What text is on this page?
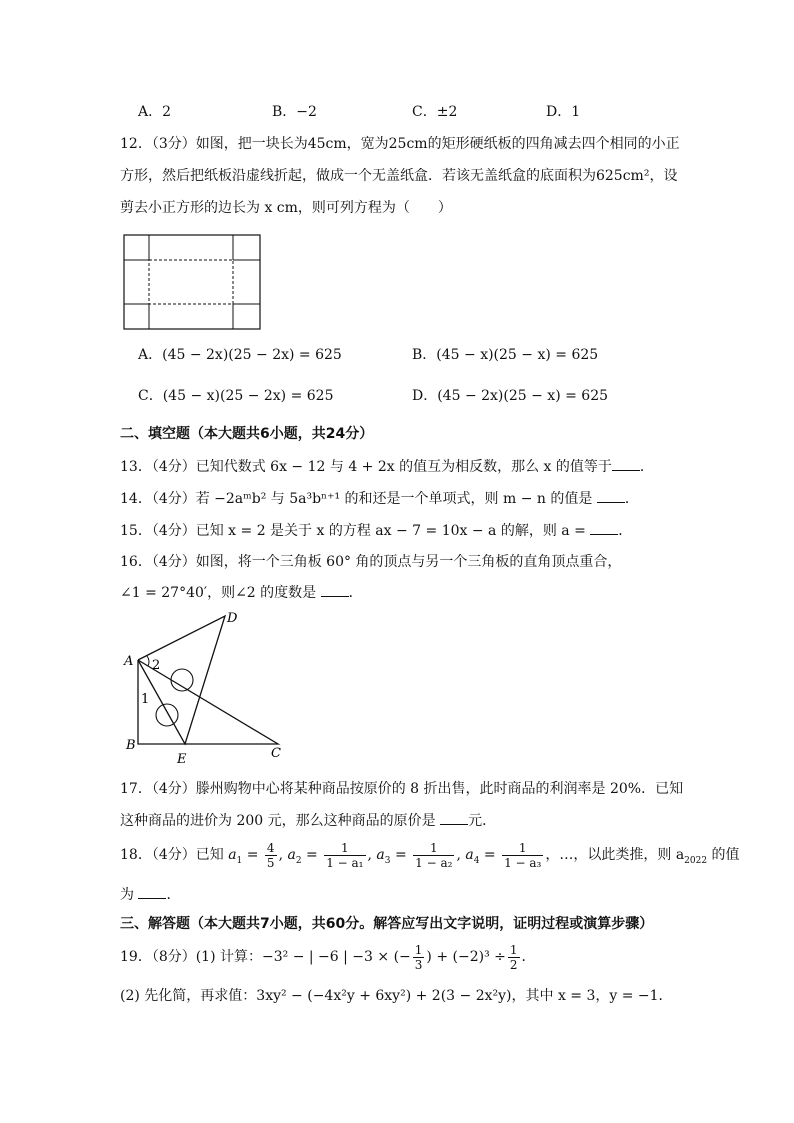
A．2	B．−2	C．±2	D．1
12．（3分）如图，把一块长为45cm，宽为25cm的矩形硬纸板的四角减去四个相同的小正
方形，然后把纸板沿虚线折起，做成一个无盖纸盒．若该无盖纸盒的底面积为625cm²，设
剪去小正方形的边长为 x cm，则可列方程为（　　）
A．(45 − 2x)(25 − 2x) = 625	B．(45 − x)(25 − x) = 625
C．(45 − x)(25 − 2x) = 625	D．(45 − 2x)(25 − x) = 625
二、填空题（本大题共6小题，共24分）
13．（4分）已知代数式 6x − 12 与 4 + 2x 的值互为相反数，那么 x 的值等于 ．
14．（4分）若 −2aᵐb² 与 5a³bⁿ⁺¹ 的和还是一个单项式，则 m − n 的值是 ．
15．（4分）已知 x = 2 是关于 x 的方程 ax − 7 = 10x − a 的解，则 a = ．
16．（4分）如图，将一个三角板 60° 角的顶点与另一个三角板的直角顶点重合，
∠1 = 27°40′，则∠2 的度数是 ．
A
B
C
D
E
1
2
17．（4分）滕州购物中心将某种商品按原价的 8 折出售，此时商品的利润率是 20%．已知
这种商品的进价为 200 元，那么这种商品的原价是 元．
18．（4分）已知 $a_1 = \frac{4}{5}$ , $a_2 = \frac{1}{\text{1 − a₁}}$ , $a_3 = \frac{1}{\text{1 − a₂}}$ , $a_4 = \frac{1}{\text{1 − a₃}}$ ，…，以此类推，则 $a_{2022}$ 的值
为 ．
三、解答题（本大题共7小题，共60分。解答应写出文字说明，证明过程或演算步骤）
19．（8分）(1) 计算：−3² − | −6 | −3 × (− $\frac{1}{3}$ ) + $(-2)^3 \div \frac{1}{2}$ ．
(2) 先化简，再求值：3xy² − (−4x²y + 6xy²) + 2(3 − 2x²y)，其中 x = 3，y = −1．
